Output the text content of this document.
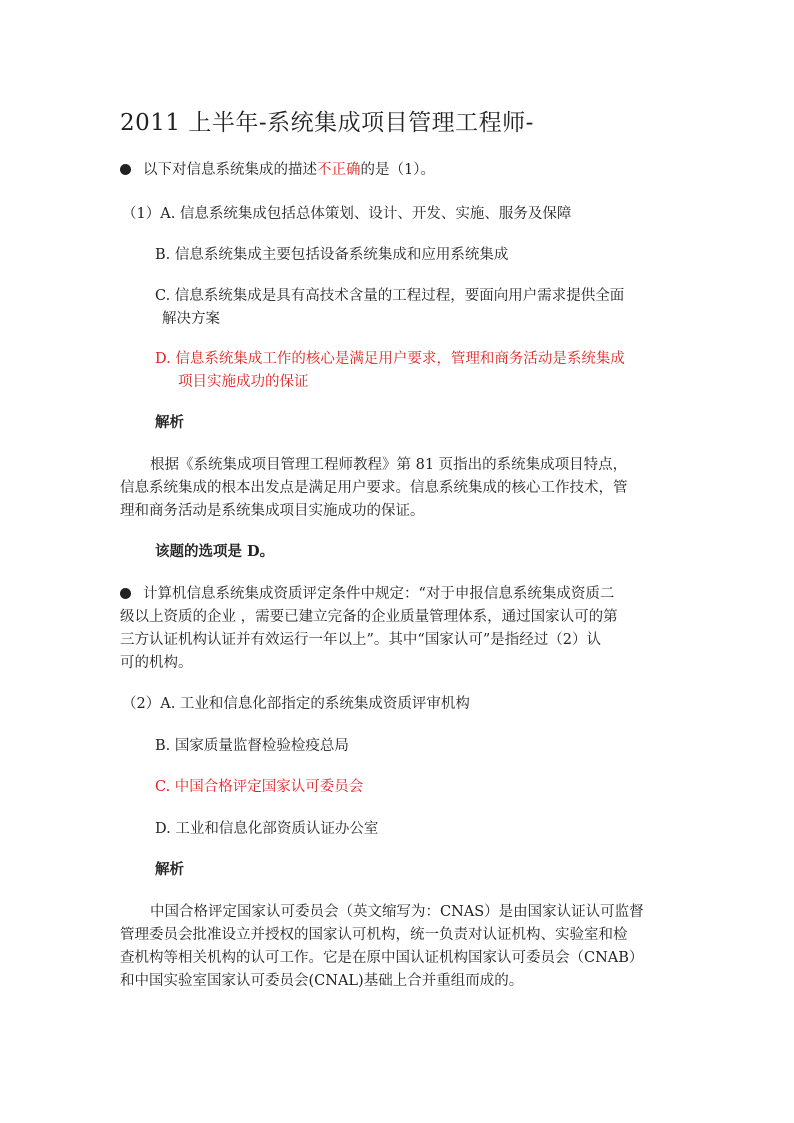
2011 上半年-系统集成项目管理工程师-

以下对信息系统集成的描述不正确的是（1）。

（1）A. 信息系统集成包括总体策划、设计、开发、实施、服务及保障

B. 信息系统集成主要包括设备系统集成和应用系统集成

C. 信息系统集成是具有高技术含量的工程过程，要面向用户需求提供全面

解决方案

D. 信息系统集成工作的核心是满足用户要求，管理和商务活动是系统集成

项目实施成功的保证

解析

根据《系统集成项目管理工程师教程》第 81 页指出的系统集成项目特点，

信息系统集成的根本出发点是满足用户要求。信息系统集成的核心工作技术，管

理和商务活动是系统集成项目实施成功的保证。

该题的选项是 D。

计算机信息系统集成资质评定条件中规定：“对于申报信息系统集成资质二

级以上资质的企业 ，需要已建立完备的企业质量管理体系，通过国家认可的第

三方认证机构认证并有效运行一年以上”。其中“国家认可”是指经过（2）认

可的机构。

（2）A. 工业和信息化部指定的系统集成资质评审机构

B. 国家质量监督检验检疫总局

C. 中国合格评定国家认可委员会

D. 工业和信息化部资质认证办公室

解析

中国合格评定国家认可委员会（英文缩写为：CNAS）是由国家认证认可监督

管理委员会批准设立并授权的国家认可机构，统一负责对认证机构、实验室和检

查机构等相关机构的认可工作。它是在原中国认证机构国家认可委员会（CNAB）

和中国实验室国家认可委员会(CNAL)基础上合并重组而成的。
